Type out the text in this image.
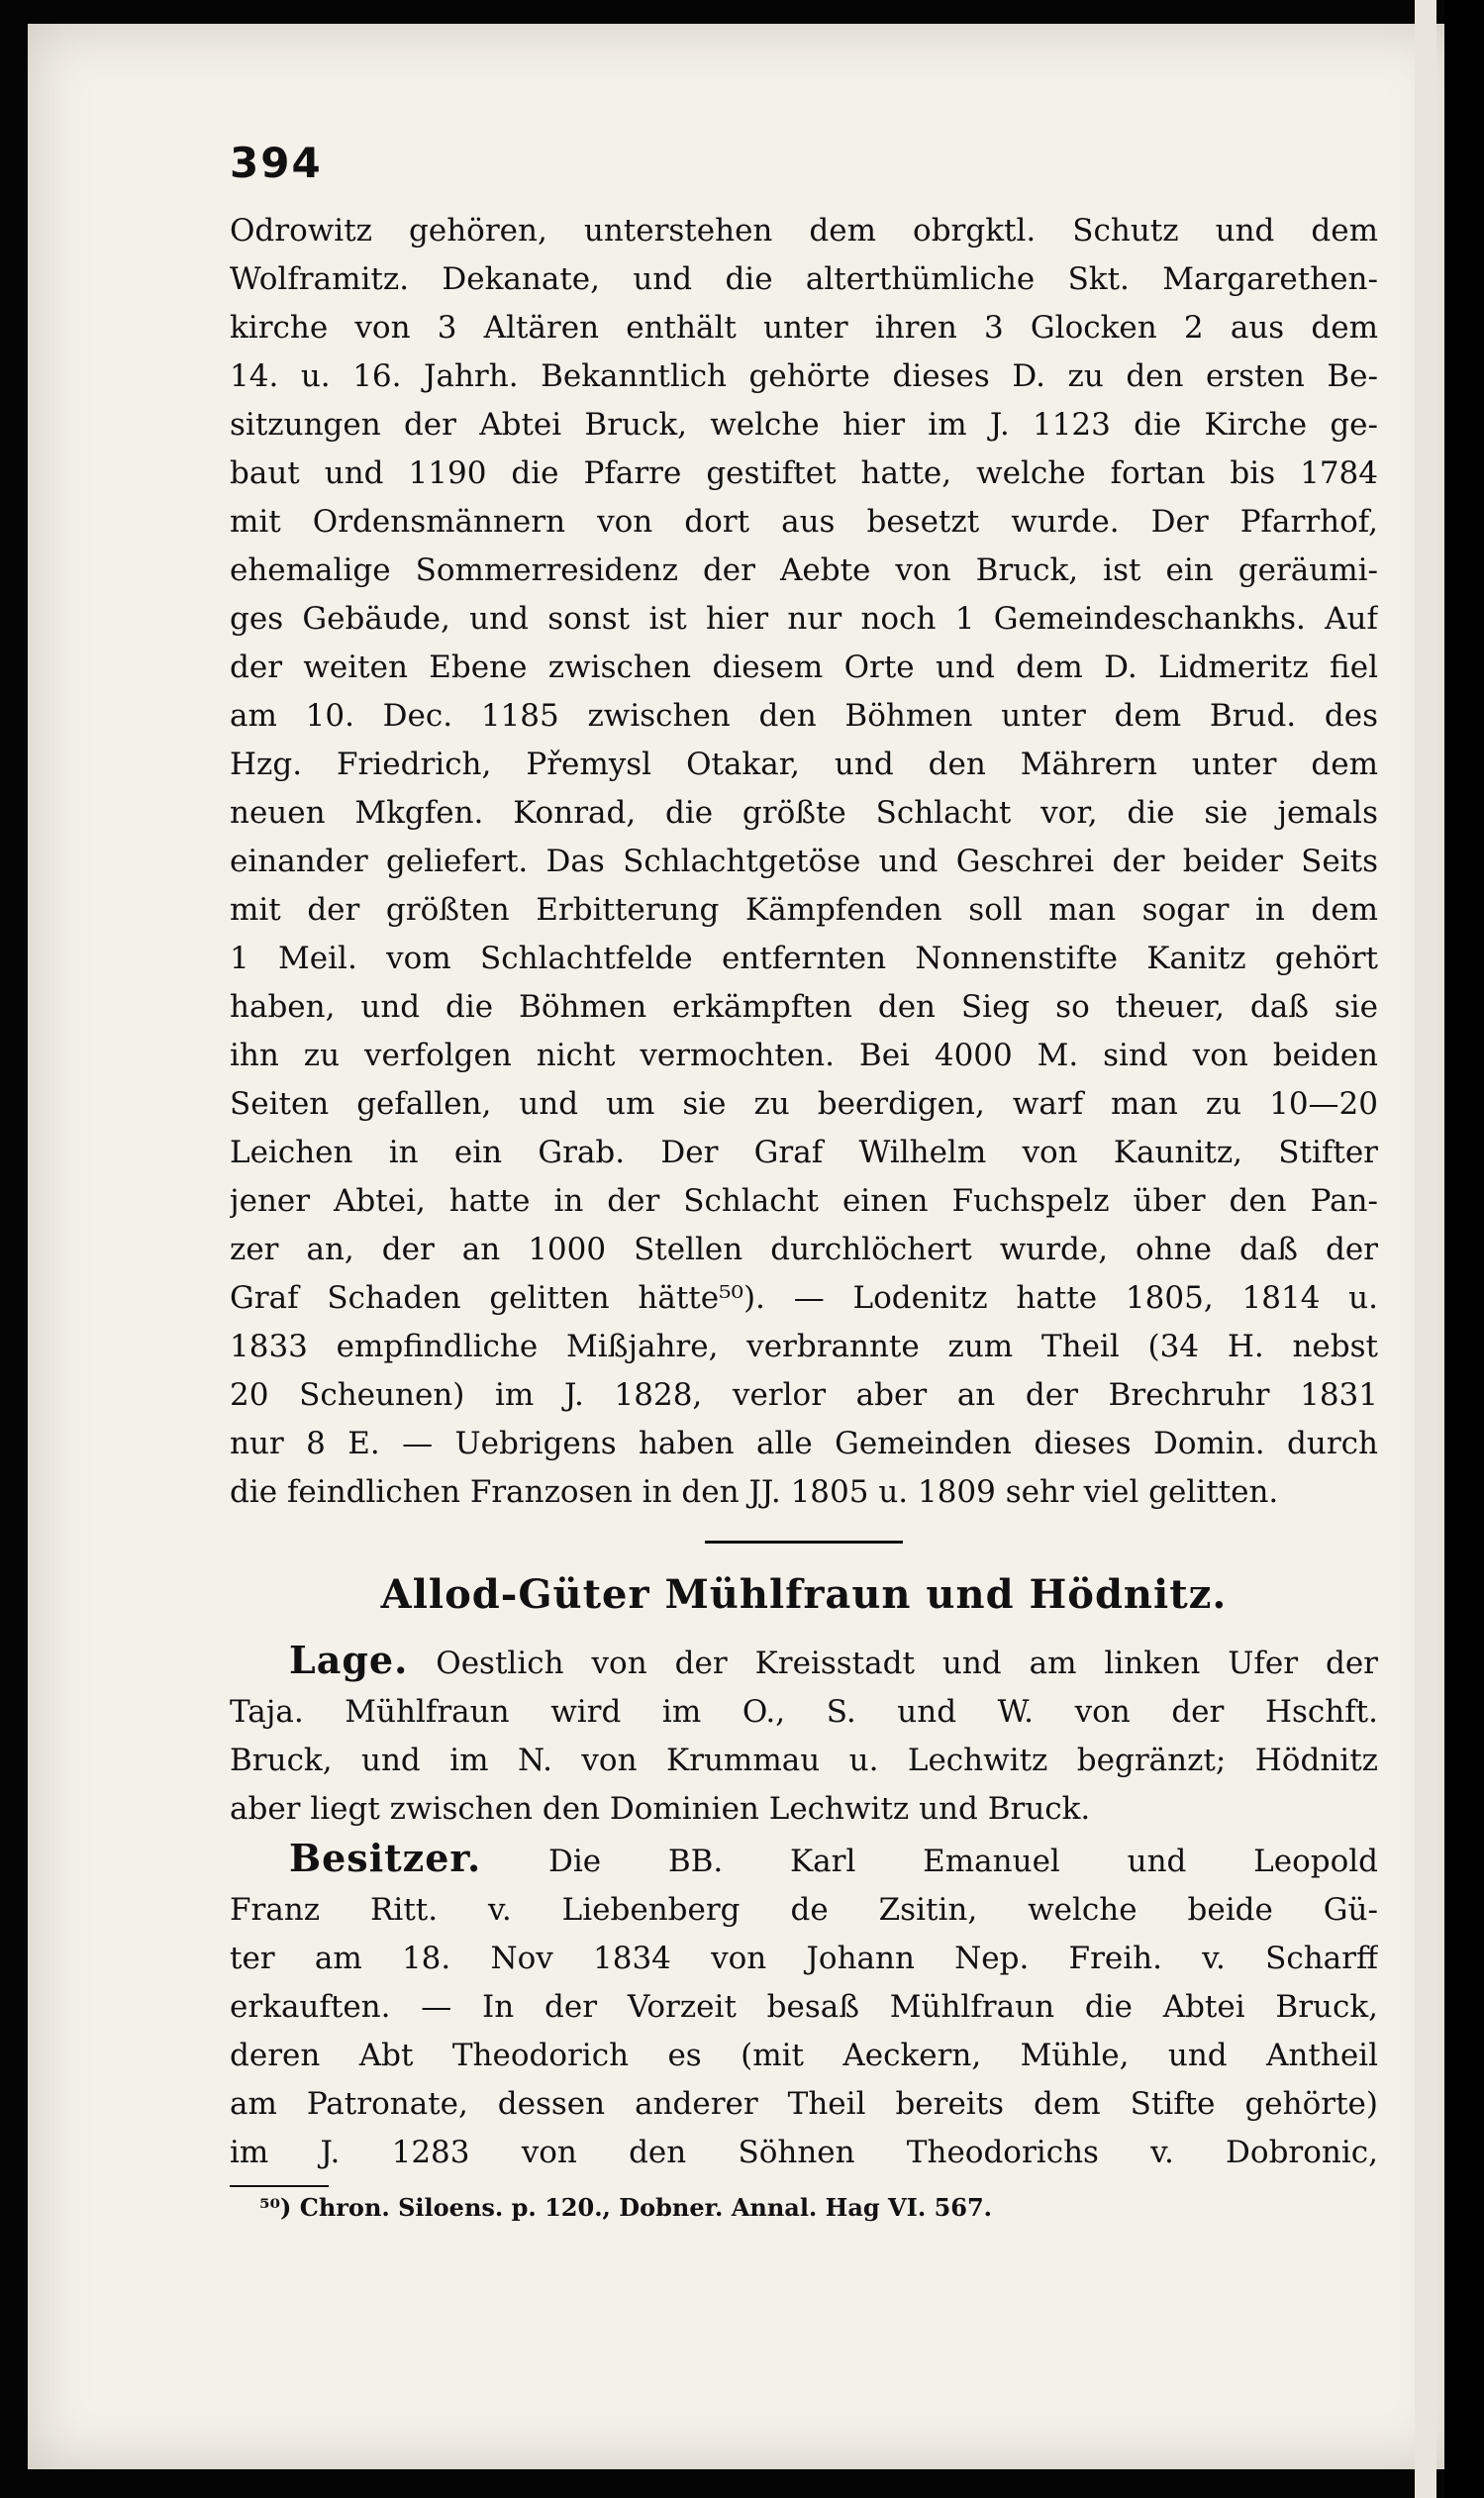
394
Odrowitz gehören, unterstehen dem obrgktl. Schutz und dem
Wolframitz. Dekanate, und die alterthümliche Skt. Margarethen-
kirche von 3 Altären enthält unter ihren 3 Glocken 2 aus dem
14. u. 16. Jahrh. Bekanntlich gehörte dieses D. zu den ersten Be-
sitzungen der Abtei Bruck, welche hier im J. 1123 die Kirche ge-
baut und 1190 die Pfarre gestiftet hatte, welche fortan bis 1784
mit Ordensmännern von dort aus besetzt wurde. Der Pfarrhof,
ehemalige Sommerresidenz der Aebte von Bruck, ist ein geräumi-
ges Gebäude, und sonst ist hier nur noch 1 Gemeindeschankhs. Auf
der weiten Ebene zwischen diesem Orte und dem D. Lidmeritz fiel
am 10. Dec. 1185 zwischen den Böhmen unter dem Brud. des
Hzg. Friedrich, Přemysl Otakar, und den Mährern unter dem
neuen Mkgfen. Konrad, die größte Schlacht vor, die sie jemals
einander geliefert. Das Schlachtgetöse und Geschrei der beider Seits
mit der größten Erbitterung Kämpfenden soll man sogar in dem
1 Meil. vom Schlachtfelde entfernten Nonnenstifte Kanitz gehört
haben, und die Böhmen erkämpften den Sieg so theuer, daß sie
ihn zu verfolgen nicht vermochten. Bei 4000 M. sind von beiden
Seiten gefallen, und um sie zu beerdigen, warf man zu 10—20
Leichen in ein Grab. Der Graf Wilhelm von Kaunitz, Stifter
jener Abtei, hatte in der Schlacht einen Fuchspelz über den Pan-
zer an, der an 1000 Stellen durchlöchert wurde, ohne daß der
Graf Schaden gelitten hätte⁵⁰). — Lodenitz hatte 1805, 1814 u.
1833 empfindliche Mißjahre, verbrannte zum Theil (34 H. nebst
20 Scheunen) im J. 1828, verlor aber an der Brechruhr 1831
nur 8 E. — Uebrigens haben alle Gemeinden dieses Domin. durch
die feindlichen Franzosen in den JJ. 1805 u. 1809 sehr viel gelitten.
Allod-Güter Mühlfraun und Hödnitz.
Lage. Oestlich von der Kreisstadt und am linken Ufer der
Taja. Mühlfraun wird im O., S. und W. von der Hschft.
Bruck, und im N. von Krummau u. Lechwitz begränzt; Hödnitz
aber liegt zwischen den Dominien Lechwitz und Bruck.
Besitzer. Die BB. Karl Emanuel und Leopold
Franz Ritt. v. Liebenberg de Zsitin, welche beide Gü-
ter am 18. Nov 1834 von Johann Nep. Freih. v. Scharff
erkauften. — In der Vorzeit besaß Mühlfraun die Abtei Bruck,
deren Abt Theodorich es (mit Aeckern, Mühle, und Antheil
am Patronate, dessen anderer Theil bereits dem Stifte gehörte)
im J. 1283 von den Söhnen Theodorichs v. Dobronic,

⁵⁰) Chron. Siloens. p. 120., Dobner. Annal. Hag VI. 567.
